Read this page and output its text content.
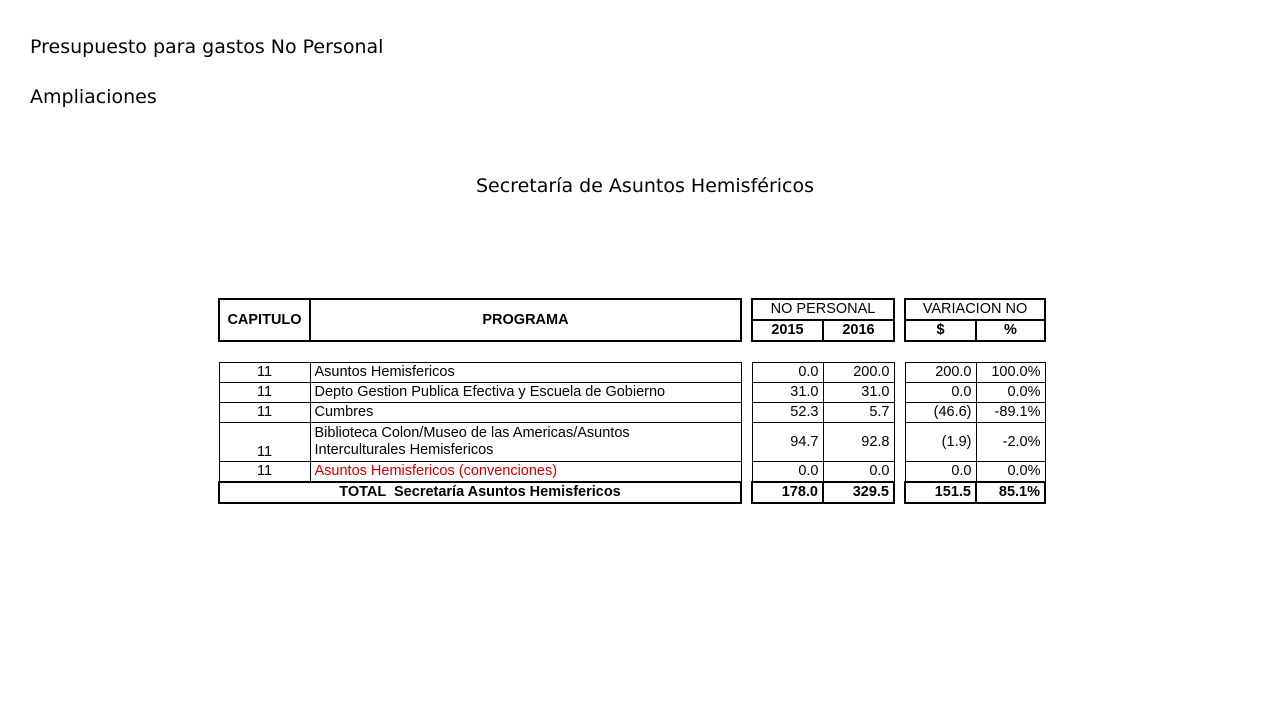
Presupuesto para gastos No Personal
Ampliaciones
Secretaría de Asuntos Hemisféricos
CAPITULO	PROGRAMA		NO PERSONAL			VARIACION NO	
			2015	2016		$	%

11	Asuntos Hemisfericos		0.0	200.0		200.0	100.0%
11	Depto Gestion Publica Efectiva y Escuela de Gobierno		31.0	31.0		0.0	0.0%
11	Cumbres		52.3	5.7		(46.6)	-89.1%
11	Biblioteca Colon/Museo de las Americas/Asuntos
Interculturales Hemisfericos		94.7	92.8		(1.9)	-2.0%
11	Asuntos Hemisfericos (convenciones)		0.0	0.0		0.0	0.0%
TOTAL  Secretaría Asuntos Hemisfericos			178.0	329.5		151.5	85.1%
